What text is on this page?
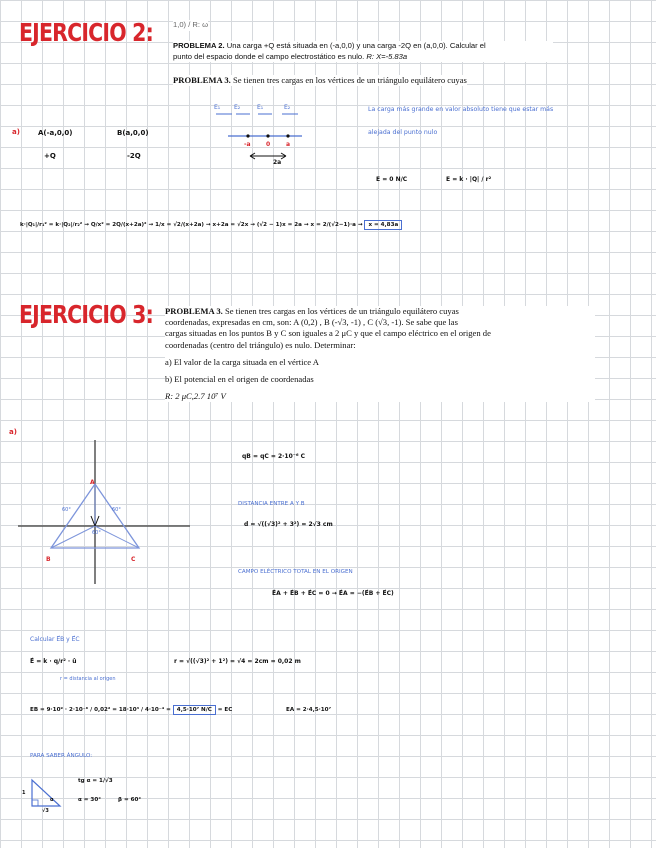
EJERCICIO 2:	1,0) / R: ω
PROBLEMA 2. Una carga +Q está situada en (-a,0,0) y una carga -2Q en (a,0,0). Calcular el
punto del espacio donde el campo electrostático es nulo. R: X=-5.83a
PROBLEMA 3. Se tienen tres cargas en los vértices de un triángulo equilátero cuyas
a)	A(-a,0,0)	B(a,0,0)
+Q	-2Q
E₁ E₂	E₁	E₂
-a	0	a
2a
La carga más grande en valor absoluto tiene que estar más
alejada del punto nulo
E = 0 N/C	E = k · |Q| / r²
k·|Q₁|/r₁² = k·|Q₂|/r₂² → Q/x² = 2Q/(x+2a)² → 1/x = √2/(x+2a) → x+2a = √2x → (√2 − 1)x = 2a → x = 2/(√2−1)·a → x = 4,83a
EJERCICIO 3: PROBLEMA 3. Se tienen tres cargas en los vértices de un triángulo equilátero cuyas
coordenadas, expresadas en cm, son: A (0,2) , B (-√3, -1) , C (√3, -1). Se sabe que las
cargas situadas en los puntos B y C son iguales a 2 μC y que el campo eléctrico en el origen de
coordenadas (centro del triángulo) es nulo. Determinar:
a) El valor de la carga situada en el vértice A
b) El potencial en el origen de coordenadas
R: 2 μC,2.7 10⁷ V
a)
A
B	C
60°	60°
60°
qB = qC = 2·10⁻⁶ C
DISTANCIA ENTRE A Y B
d = √((√3)² + 3²) = 2√3 cm
CAMPO ELÉCTRICO TOTAL EN EL ORIGEN
E⃗A + E⃗B + E⃗C = 0 → E⃗A = −(E⃗B + E⃗C)
Calcular E⃗B y E⃗C
E⃗ = k · q/r² · û
r = distancia al origen
r = √((√3)² + 1²) = √4 = 2cm = 0,02 m
EB = 9·10⁹ · 2·10⁻⁶ / 0,02² = 18·10³ / 4·10⁻⁴ = 4,5·10⁷ N/C = EC	EA = 2·4,5·10⁷
PARA SABER ÁNGULO:
1
√3
α
tg α = 1/√3
α = 30°	β = 60°
